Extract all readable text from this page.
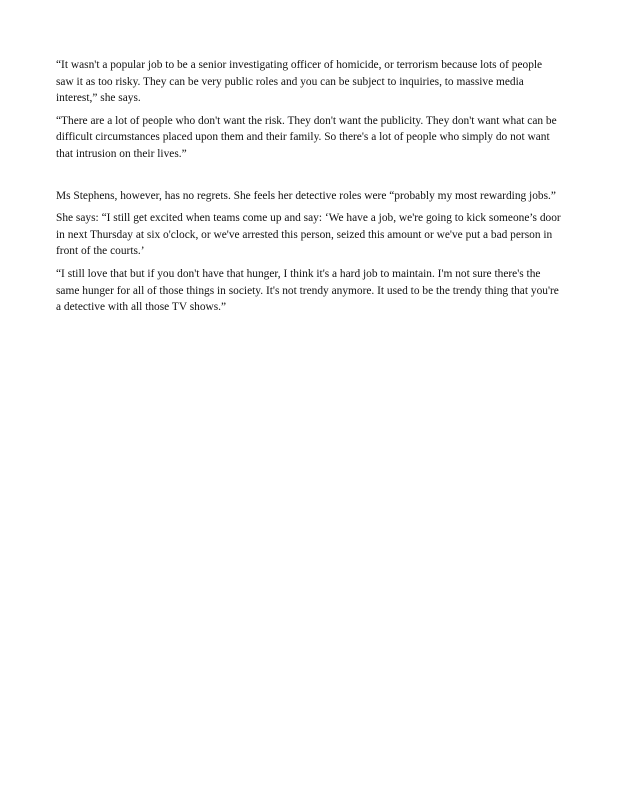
“It wasn't a popular job to be a senior investigating officer of homicide, or terrorism because lots of people saw it as too risky. They can be very public roles and you can be subject to inquiries, to massive media interest,” she says.

“There are a lot of people who don't want the risk. They don't want the publicity. They don't want what can be difficult circumstances placed upon them and their family. So there's a lot of people who simply do not want that intrusion on their lives.”

Ms Stephens, however, has no regrets. She feels her detective roles were “probably my most rewarding jobs.”

She says: “I still get excited when teams come up and say: ‘We have a job, we're going to kick someone’s door in next Thursday at six o'clock, or we've arrested this person, seized this amount or we've put a bad person in front of the courts.’

“I still love that but if you don't have that hunger, I think it's a hard job to maintain. I'm not sure there's the same hunger for all of those things in society. It's not trendy anymore. It used to be the trendy thing that you're a detective with all those TV shows.”
